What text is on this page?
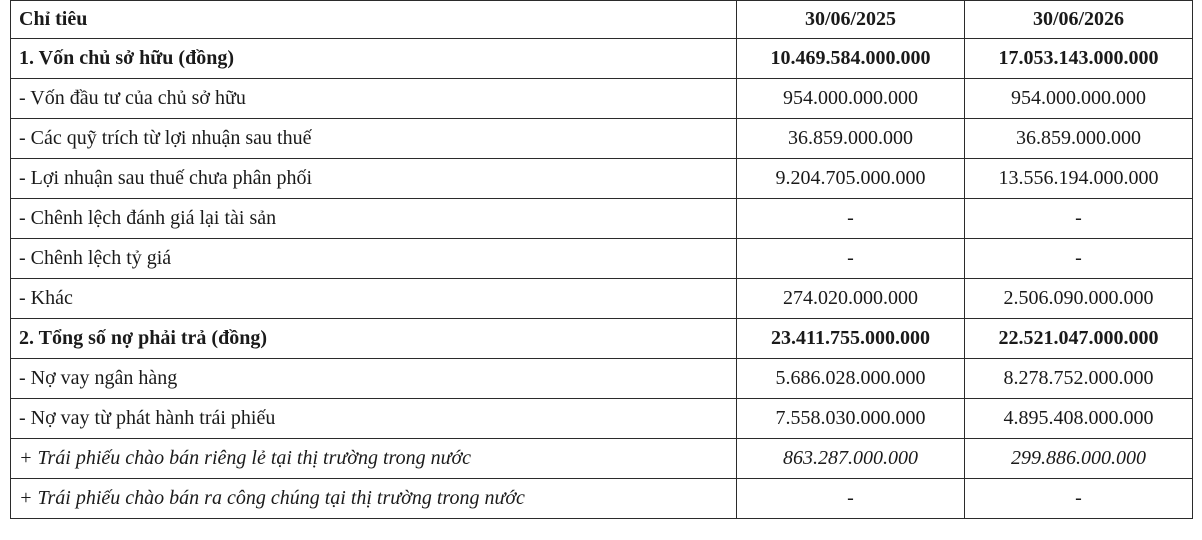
Chỉ tiêu	30/06/2025	30/06/2026
1. Vốn chủ sở hữu (đồng)	10.469.584.000.000	17.053.143.000.000
- Vốn đầu tư của chủ sở hữu	954.000.000.000	954.000.000.000
- Các quỹ trích từ lợi nhuận sau thuế	36.859.000.000	36.859.000.000
- Lợi nhuận sau thuế chưa phân phối	9.204.705.000.000	13.556.194.000.000
- Chênh lệch đánh giá lại tài sản	-	-
- Chênh lệch tỷ giá	-	-
- Khác	274.020.000.000	2.506.090.000.000
2. Tổng số nợ phải trả (đồng)	23.411.755.000.000	22.521.047.000.000
- Nợ vay ngân hàng	5.686.028.000.000	8.278.752.000.000
- Nợ vay từ phát hành trái phiếu	7.558.030.000.000	4.895.408.000.000
+ Trái phiếu chào bán riêng lẻ tại thị trường trong nước	863.287.000.000	299.886.000.000
+ Trái phiếu chào bán ra công chúng tại thị trường trong nước	-	-
